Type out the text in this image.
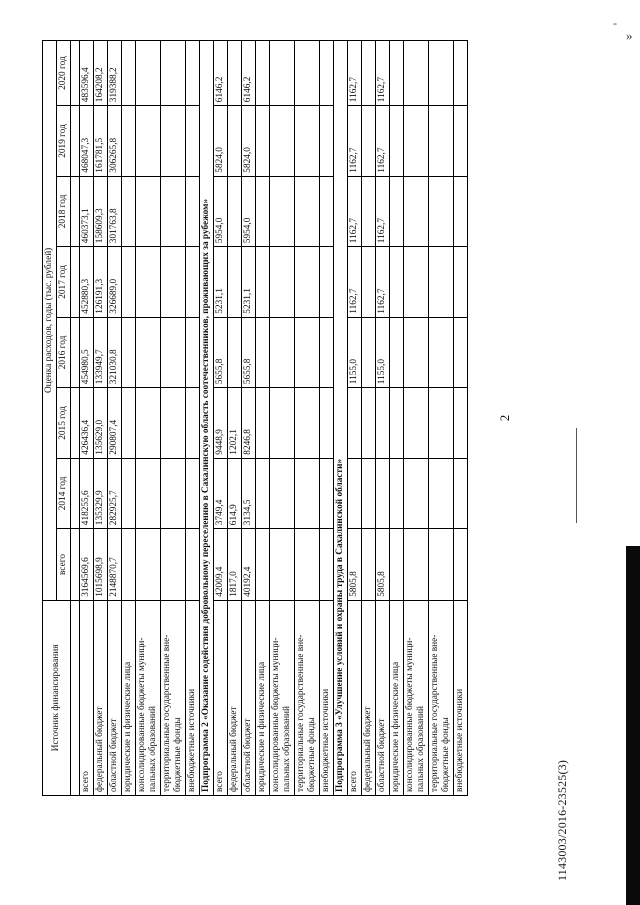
Источник финансирования	Оценка расходов, годы (тыс. рублей)							
	всего	2014 год	2015 год	2016 год	2017 год	2018 год	2019 год	2020 год

всего	3164569,6	418255,6	426436,4	454980,5	452880,3	460373,1	468047,3	483596,4
федеральный бюджет	1015698,9	135329,9	135629,0	133949,7	126191,3	158609,3	161781,5	164208,2
областной бюджет	2148870,7	282925,7	290807,4	321030,8	326689,0	301763,8	306265,8	319388,2
юридические и физические лица								
консолидированные бюджеты муници-пальных образований								
территориальные государственные вне-бюджетные фонды								
внебюджетные источники								
Подпрограмма 2 «Оказание содействия добровольному переселению в Сахалинскую область соотечественников, проживающих за рубежом»								
всего	42009,4	3749,4	9448,9	5655,8	5231,1	5954,0	5824,0	6146,2
федеральный бюджет	1817,0	614,9	1202,1					
областной бюджет	40192,4	3134,5	8246,8	5655,8	5231,1	5954,0	5824,0	6146,2
юридические и физические лица								
консолидированные бюджеты муници-пальных образований								
территориальные государственные вне-бюджетные фонды								
внебюджетные источники								
Подпрограмма 3 «Улучшение условий и охраны труда в Сахалинской области»								
всего	5805,8			1155,0	1162,7	1162,7	1162,7	1162,7
федеральный бюджет								
областной бюджет	5805,8			1155,0	1162,7	1162,7	1162,7	1162,7
юридические и физические лица								
консолидированные бюджеты муници-пальных образований								
территориальные государственные вне-бюджетные фонды								
внебюджетные источники								
2
1143003/2016-23525(3)
-
»
